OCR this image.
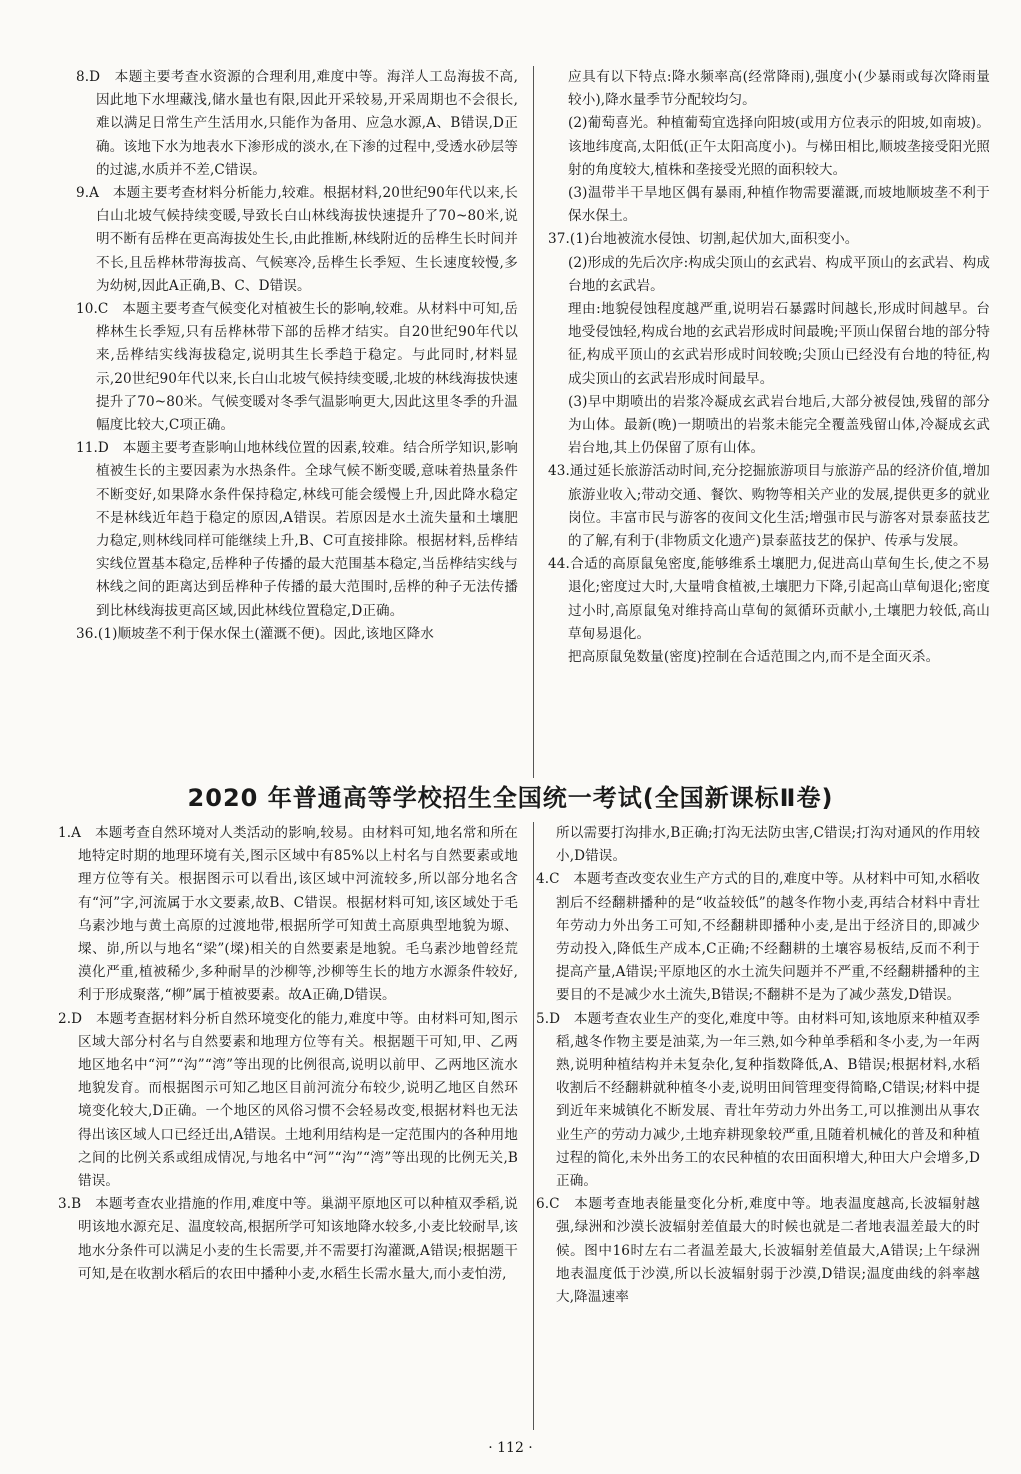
8.D　本题主要考查水资源的合理利用,难度中等。海洋人工岛海拔不高,因此地下水埋藏浅,储水量也有限,因此开采较易,开采周期也不会很长,难以满足日常生产生活用水,只能作为备用、应急水源,A、B错误,D正确。该地下水为地表水下渗形成的淡水,在下渗的过程中,受透水砂层等的过滤,水质并不差,C错误。

9.A　本题主要考查材料分析能力,较难。根据材料,20世纪90年代以来,长白山北坡气候持续变暖,导致长白山林线海拔快速提升了70~80米,说明不断有岳桦在更高海拔处生长,由此推断,林线附近的岳桦生长时间并不长,且岳桦林带海拔高、气候寒冷,岳桦生长季短、生长速度较慢,多为幼树,因此A正确,B、C、D错误。

10.C　本题主要考查气候变化对植被生长的影响,较难。从材料中可知,岳桦林生长季短,只有岳桦林带下部的岳桦才结实。自20世纪90年代以来,岳桦结实线海拔稳定,说明其生长季趋于稳定。与此同时,材料显示,20世纪90年代以来,长白山北坡气候持续变暖,北坡的林线海拔快速提升了70~80米。气候变暖对冬季气温影响更大,因此这里冬季的升温幅度比较大,C项正确。

11.D　本题主要考查影响山地林线位置的因素,较难。结合所学知识,影响植被生长的主要因素为水热条件。全球气候不断变暖,意味着热量条件不断变好,如果降水条件保持稳定,林线可能会缓慢上升,因此降水稳定不是林线近年趋于稳定的原因,A错误。若原因是水土流失量和土壤肥力稳定,则林线同样可能继续上升,B、C可直接排除。根据材料,岳桦结实线位置基本稳定,岳桦种子传播的最大范围基本稳定,当岳桦结实线与林线之间的距离达到岳桦种子传播的最大范围时,岳桦的种子无法传播到比林线海拔更高区域,因此林线位置稳定,D正确。

36.(1)顺坡垄不利于保水保土(灌溉不便)。因此,该地区降水

应具有以下特点:降水频率高(经常降雨),强度小(少暴雨或每次降雨量较小),降水量季节分配较均匀。

(2)葡萄喜光。种植葡萄宜选择向阳坡(或用方位表示的阳坡,如南坡)。该地纬度高,太阳低(正午太阳高度小)。与梯田相比,顺坡垄接受阳光照射的角度较大,植株和垄接受光照的面积较大。

(3)温带半干旱地区偶有暴雨,种植作物需要灌溉,而坡地顺坡垄不利于保水保土。

37.(1)台地被流水侵蚀、切割,起伏加大,面积变小。

(2)形成的先后次序:构成尖顶山的玄武岩、构成平顶山的玄武岩、构成台地的玄武岩。

理由:地貌侵蚀程度越严重,说明岩石暴露时间越长,形成时间越早。台地受侵蚀轻,构成台地的玄武岩形成时间最晚;平顶山保留台地的部分特征,构成平顶山的玄武岩形成时间较晚;尖顶山已经没有台地的特征,构成尖顶山的玄武岩形成时间最早。

(3)早中期喷出的岩浆冷凝成玄武岩台地后,大部分被侵蚀,残留的部分为山体。最新(晚)一期喷出的岩浆未能完全覆盖残留山体,冷凝成玄武岩台地,其上仍保留了原有山体。

43.通过延长旅游活动时间,充分挖掘旅游项目与旅游产品的经济价值,增加旅游业收入;带动交通、餐饮、购物等相关产业的发展,提供更多的就业岗位。丰富市民与游客的夜间文化生活;增强市民与游客对景泰蓝技艺的了解,有利于(非物质文化遗产)景泰蓝技艺的保护、传承与发展。

44.合适的高原鼠兔密度,能够维系土壤肥力,促进高山草甸生长,使之不易退化;密度过大时,大量啃食植被,土壤肥力下降,引起高山草甸退化;密度过小时,高原鼠兔对维持高山草甸的氮循环贡献小,土壤肥力较低,高山草甸易退化。

把高原鼠兔数量(密度)控制在合适范围之内,而不是全面灭杀。

2020 年普通高等学校招生全国统一考试(全国新课标Ⅱ卷)

1.A　本题考查自然环境对人类活动的影响,较易。由材料可知,地名常和所在地特定时期的地理环境有关,图示区域中有85%以上村名与自然要素或地理方位等有关。根据图示可以看出,该区域中河流较多,所以部分地名含有“河”字,河流属于水文要素,故B、C错误。根据材料可知,该区域处于毛乌素沙地与黄土高原的过渡地带,根据所学可知黄土高原典型地貌为塬、墚、峁,所以与地名“梁”(墚)相关的自然要素是地貌。毛乌素沙地曾经荒漠化严重,植被稀少,多种耐旱的沙柳等,沙柳等生长的地方水源条件较好,利于形成聚落,“柳”属于植被要素。故A正确,D错误。

2.D　本题考查据材料分析自然环境变化的能力,难度中等。由材料可知,图示区域大部分村名与自然要素和地理方位等有关。根据题干可知,甲、乙两地区地名中“河”“沟”“湾”等出现的比例很高,说明以前甲、乙两地区流水地貌发育。而根据图示可知乙地区目前河流分布较少,说明乙地区自然环境变化较大,D正确。一个地区的风俗习惯不会轻易改变,根据材料也无法得出该区域人口已经迁出,A错误。土地利用结构是一定范围内的各种用地之间的比例关系或组成情况,与地名中“河”“沟”“湾”等出现的比例无关,B错误。

3.B　本题考查农业措施的作用,难度中等。巢湖平原地区可以种植双季稻,说明该地水源充足、温度较高,根据所学可知该地降水较多,小麦比较耐旱,该地水分条件可以满足小麦的生长需要,并不需要打沟灌溉,A错误;根据题干可知,是在收割水稻后的农田中播种小麦,水稻生长需水量大,而小麦怕涝,

所以需要打沟排水,B正确;打沟无法防虫害,C错误;打沟对通风的作用较小,D错误。

4.C　本题考查改变农业生产方式的目的,难度中等。从材料中可知,水稻收割后不经翻耕播种的是“收益较低”的越冬作物小麦,再结合材料中青壮年劳动力外出务工可知,不经翻耕即播种小麦,是出于经济目的,即减少劳动投入,降低生产成本,C正确;不经翻耕的土壤容易板结,反而不利于提高产量,A错误;平原地区的水土流失问题并不严重,不经翻耕播种的主要目的不是减少水土流失,B错误;不翻耕不是为了减少蒸发,D错误。

5.D　本题考查农业生产的变化,难度中等。由材料可知,该地原来种植双季稻,越冬作物主要是油菜,为一年三熟,如今种单季稻和冬小麦,为一年两熟,说明种植结构并未复杂化,复种指数降低,A、B错误;根据材料,水稻收割后不经翻耕就种植冬小麦,说明田间管理变得简略,C错误;材料中提到近年来城镇化不断发展、青壮年劳动力外出务工,可以推测出从事农业生产的劳动力减少,土地弃耕现象较严重,且随着机械化的普及和种植过程的简化,未外出务工的农民种植的农田面积增大,种田大户会增多,D正确。

6.C　本题考查地表能量变化分析,难度中等。地表温度越高,长波辐射越强,绿洲和沙漠长波辐射差值最大的时候也就是二者地表温差最大的时候。图中16时左右二者温差最大,长波辐射差值最大,A错误;上午绿洲地表温度低于沙漠,所以长波辐射弱于沙漠,D错误;温度曲线的斜率越大,降温速率

· 112 ·
